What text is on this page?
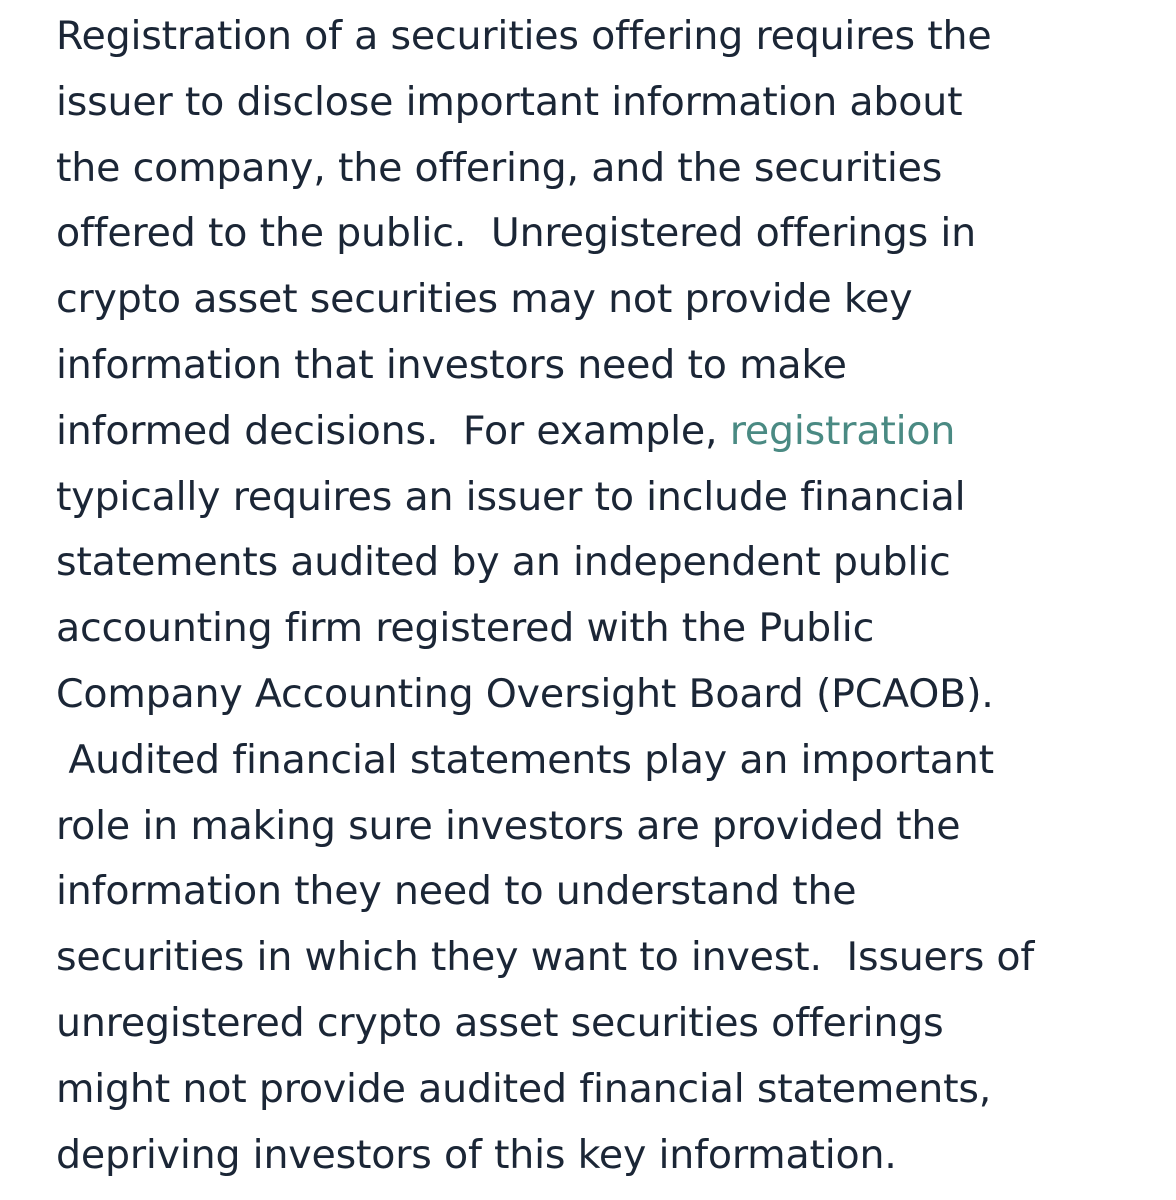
Registration of a securities offering requires the
issuer to disclose important information about
the company, the offering, and the securities
offered to the public.  Unregistered offerings in
crypto asset securities may not provide key
information that investors need to make
informed decisions.  For example, registration
typically requires an issuer to include financial
statements audited by an independent public
accounting firm registered with the Public
Company Accounting Oversight Board (PCAOB).
Audited financial statements play an important
role in making sure investors are provided the
information they need to understand the
securities in which they want to invest.  Issuers of
unregistered crypto asset securities offerings
might not provide audited financial statements,
depriving investors of this key information.
